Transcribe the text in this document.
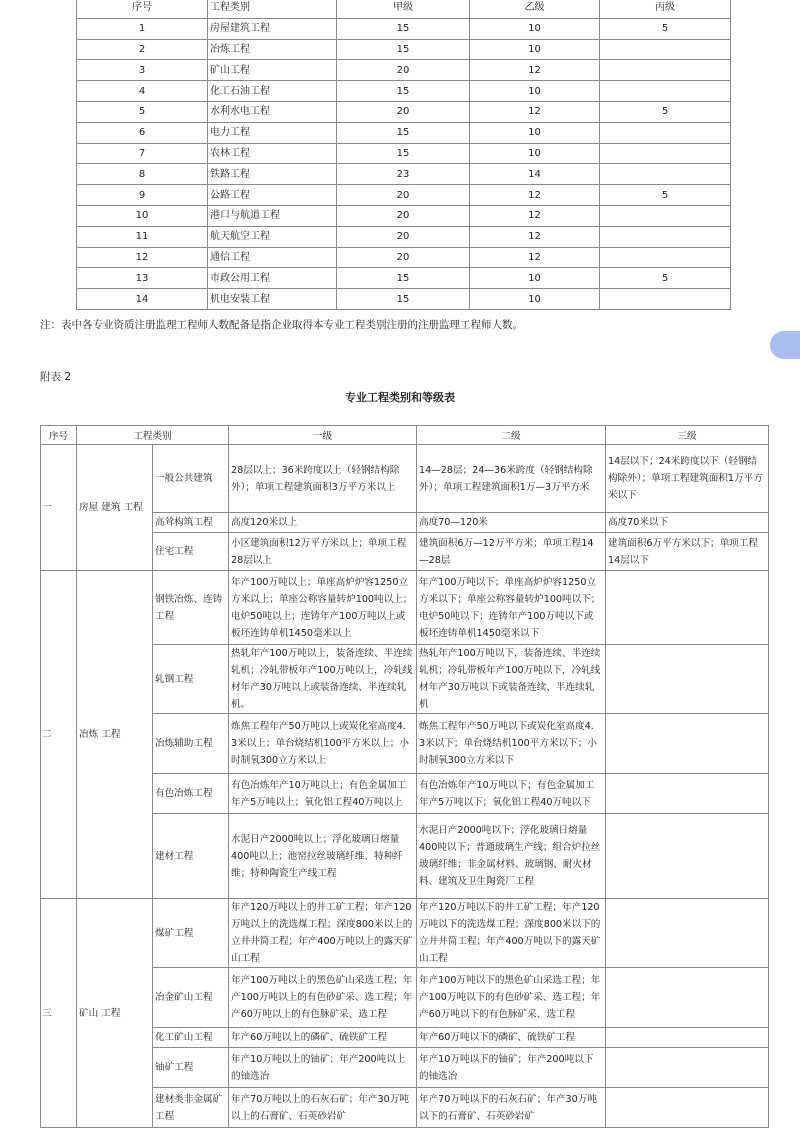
序号	工程类别	甲级	乙级	丙级
1	房屋建筑工程	15	10	5
2	冶炼工程	15	10	
3	矿山工程	20	12	
4	化工石油工程	15	10	
5	水利水电工程	20	12	5
6	电力工程	15	10	
7	农林工程	15	10	
8	铁路工程	23	14	
9	公路工程	20	12	5
10	港口与航道工程	20	12	
11	航天航空工程	20	12	
12	通信工程	20	12	
13	市政公用工程	15	10	5
14	机电安装工程	15	10	
注：表中各专业资质注册监理工程师人数配备是指企业取得本专业工程类别注册的注册监理工程师人数。
附表 2
专业工程类别和等级表
序号	工程类别		一级	二级	三级
一	房屋 建筑 工程	一般公共建筑	28层以上；36米跨度以上（轻钢结构除外）；单项工程建筑面积3万平方米以上	14—28层；24—36米跨度（轻钢结构除外）；单项工程建筑面积1万—3万平方米	14层以下；24米跨度以下（轻钢结构除外）；单项工程建筑面积1万平方米以下
		高耸构筑工程	高度120米以上	高度70—120米	高度70米以下
		住宅工程	小区建筑面积12万平方米以上；单项工程28层以上	建筑面积6万—12万平方米；单项工程14—28层	建筑面积6万平方米以下；单项工程14层以下
二	冶炼 工程	钢铁冶炼、连铸工程	年产100万吨以上；单座高炉炉容1250立方米以上；单座公称容量转炉100吨以上；电炉50吨以上；连铸年产100万吨以上或板坯连铸单机1450毫米以上	年产100万吨以下；单座高炉炉容1250立方米以下；单座公称容量转炉100吨以下；电炉50吨以下；连铸年产100万吨以下或板坯连铸单机1450毫米以下	
		轧钢工程	热轧年产100万吨以上，装备连续、半连续轧机；冷轧带板年产100万吨以上，冷轧线材年产30万吨以上或装备连续、半连续轧机。	热轧年产100万吨以下，装备连续、半连续轧机；冷轧带板年产100万吨以下，冷轧线材年产30万吨以下或装备连续、半连续轧机	
		冶炼辅助工程	炼焦工程年产50万吨以上或炭化室高度4．3米以上；单台烧结机100平方米以上；小时制氧300立方米以上	炼焦工程年产50万吨以下或炭化室高度4．3米以下；单台烧结机100平方米以下；小时制氧300立方米以下	
		有色冶炼工程	有色冶炼年产10万吨以上；有色金属加工年产5万吨以上；氧化铝工程40万吨以上	有色冶炼年产10万吨以下；有色金属加工年产5万吨以下；氧化铝工程40万吨以下	
		建材工程	水泥日产2000吨以上；浮化玻璃日熔量400吨以上；池窑拉丝玻璃纤维、特种纤维；特种陶瓷生产线工程	水泥日产2000吨以下；浮化玻璃日熔量400吨以下；普通玻璃生产线；组合炉拉丝玻璃纤维；非金属材料、玻璃钢、耐火材料、建筑及卫生陶瓷厂工程	
三	矿山 工程	煤矿工程	年产120万吨以上的井工矿工程；年产120万吨以上的洗选煤工程；深度800米以上的立井井筒工程；年产400万吨以上的露天矿山工程	年产120万吨以下的井工矿工程；年产120万吨以下的洗选煤工程；深度800米以下的立井井筒工程；年产400万吨以下的露天矿山工程	
		冶金矿山工程	年产100万吨以上的黑色矿山采选工程；年产100万吨以上的有色砂矿采、选工程；年产60万吨以上的有色脉矿采、选工程	年产100万吨以下的黑色矿山采选工程；年产100万吨以下的有色砂矿采、选工程；年产60万吨以下的有色脉矿采、选工程	
		化工矿山工程	年产60万吨以上的磷矿、硫铁矿工程	年产60万吨以下的磷矿、硫铁矿工程	
		铀矿工程	年产10万吨以上的铀矿；年产200吨以上的铀选冶	年产10万吨以下的铀矿；年产200吨以下的铀选冶	
		建材类非金属矿工程	年产70万吨以上的石灰石矿；年产30万吨以上的石膏矿、石英砂岩矿	年产70万吨以下的石灰石矿；年产30万吨以下的石膏矿、石英砂岩矿	
